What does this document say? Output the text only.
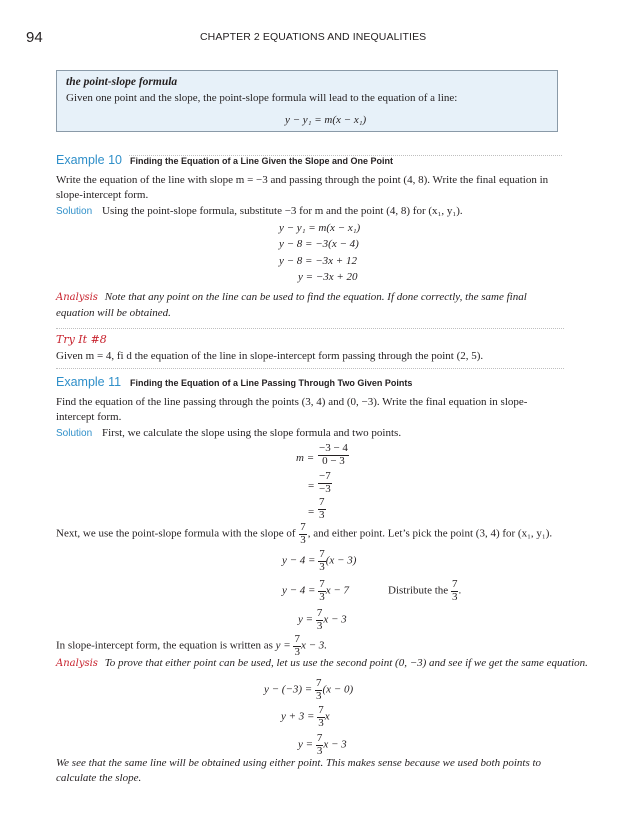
94	CHAPTER 2 EQUATIONS AND INEQUALITIES
the point-slope formula
Given one point and the slope, the point-slope formula will lead to the equation of a line:
y − y₁ = m(x − x₁)
Example 10 Finding the Equation of a Line Given the Slope and One Point
Write the equation of the line with slope m = −3 and passing through the point (4, 8). Write the final equation in slope-intercept form.
Solution Using the point-slope formula, substitute −3 for m and the point (4, 8) for (x₁, y₁).
y − y₁ = m(x − x₁)
y − 8 = −3(x − 4)
y − 8 = −3x + 12
y = −3x + 20
Analysis Note that any point on the line can be used to find the equation. If done correctly, the same final equation will be obtained.
Try It #8
Given m = 4, fi d the equation of the line in slope-intercept form passing through the point (2, 5).
Example 11 Finding the Equation of a Line Passing Through Two Given Points
Find the equation of the line passing through the points (3, 4) and (0, −3). Write the final equation in slope-intercept form.
Solution First, we calculate the slope using the slope formula and two points.
$m = \frac{-3 - 4}{0 - 3}$
= $\frac{-7}{-3}$
= $\frac{7}{3}$
Next, we use the point-slope formula with the slope of $\frac{7}{3}$ , and either point. Let’s pick the point (3, 4) for (x₁, y₁).
$y - 4 = \frac{7}{3} (x - 3)$
$y - 4 = \frac{7}{3}$ x − 7	Distribute the $\frac{7}{3}$ .
$y = \frac{7}{3}$ x − 3
In slope-intercept form, the equation is written as $y = \frac{7}{3}$ x − 3.
Analysis To prove that either point can be used, let us use the second point (0, −3) and see if we get the same equation.
$y - (-3) = \frac{7}{3} (x - 0)$
$y + 3 = \frac{7}{3}$ x
$y = \frac{7}{3}$ x − 3
We see that the same line will be obtained using either point. This makes sense because we used both points to calculate the slope.
